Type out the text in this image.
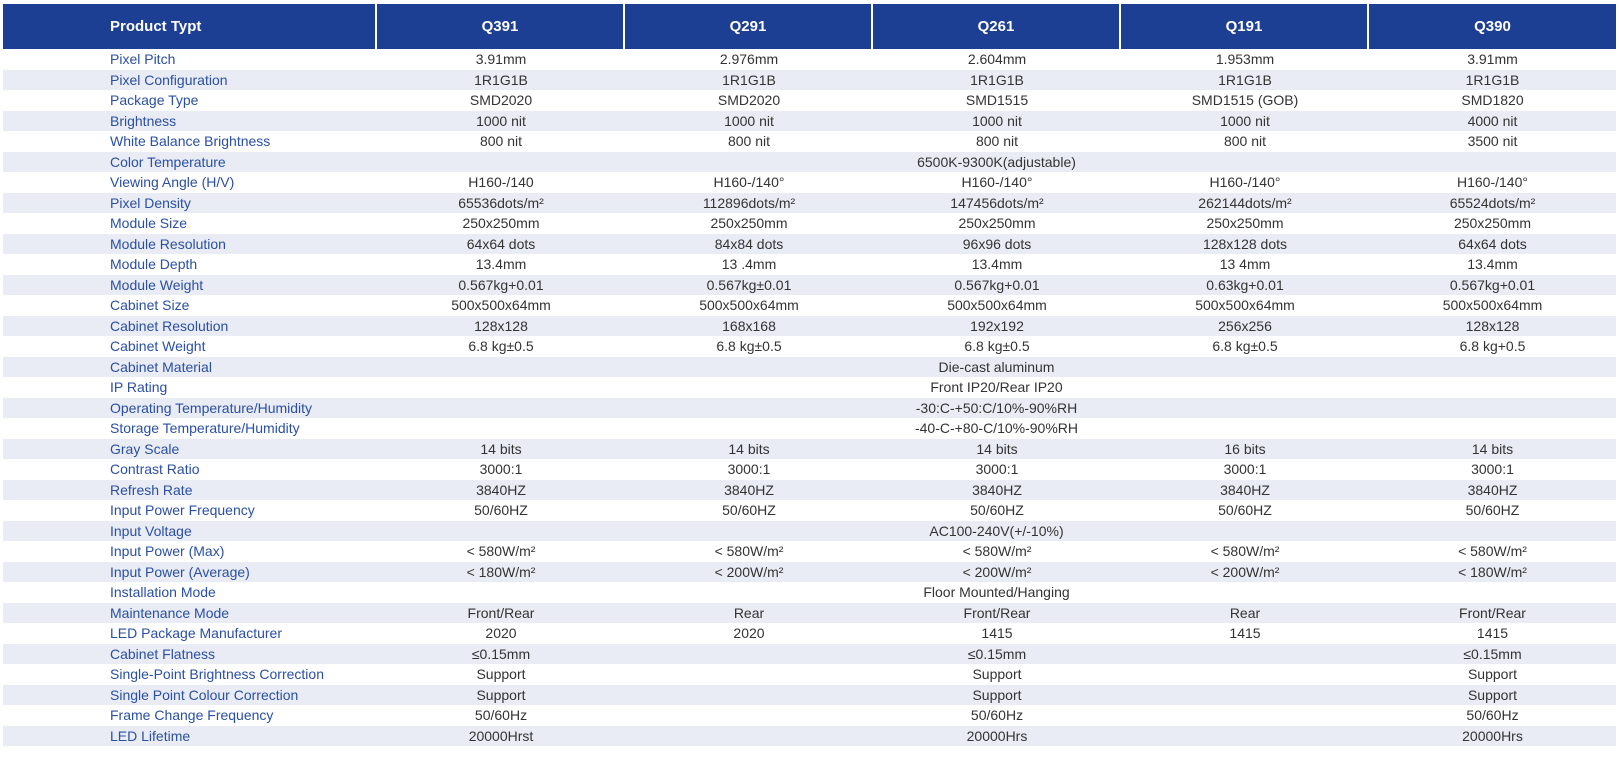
Product Typt	Q391	Q291	Q261	Q191	Q390
Pixel Pitch	3.91mm	2.976mm	2.604mm	1.953mm	3.91mm
Pixel Configuration	1R1G1B	1R1G1B	1R1G1B	1R1G1B	1R1G1B
Package Type	SMD2020	SMD2020	SMD1515	SMD1515 (GOB)	SMD1820
Brightness	1000 nit	1000 nit	1000 nit	1000 nit	4000 nit
White Balance Brightness	800 nit	800 nit	800 nit	800 nit	3500 nit
Color Temperature	6500K-9300K(adjustable)				
Viewing Angle (H/V)	H160-/140	H160-/140°	H160-/140°	H160-/140°	H160-/140°
Pixel Density	65536dots/m²	112896dots/m²	147456dots/m²	262144dots/m²	65524dots/m²
Module Size	250x250mm	250x250mm	250x250mm	250x250mm	250x250mm
Module Resolution	64x64 dots	84x84 dots	96x96 dots	128x128 dots	64x64 dots
Module Depth	13.4mm	13 .4mm	13.4mm	13 4mm	13.4mm
Module Weight	0.567kg+0.01	0.567kg±0.01	0.567kg+0.01	0.63kg+0.01	0.567kg+0.01
Cabinet Size	500x500x64mm	500x500x64mm	500x500x64mm	500x500x64mm	500x500x64mm
Cabinet Resolution	128x128	168x168	192x192	256x256	128x128
Cabinet Weight	6.8 kg±0.5	6.8 kg±0.5	6.8 kg±0.5	6.8 kg±0.5	6.8 kg+0.5
Cabinet Material	Die-cast aluminum				
IP Rating	Front IP20/Rear IP20				
Operating Temperature/Humidity	-30:C-+50:C/10%-90%RH				
Storage Temperature/Humidity	-40-C-+80-C/10%-90%RH				
Gray Scale	14 bits	14 bits	14 bits	16 bits	14 bits
Contrast Ratio	3000:1	3000:1	3000:1	3000:1	3000:1
Refresh Rate	3840HZ	3840HZ	3840HZ	3840HZ	3840HZ
Input Power Frequency	50/60HZ	50/60HZ	50/60HZ	50/60HZ	50/60HZ
Input Voltage	AC100-240V(+/-10%)				
Input Power (Max)	< 580W/m²	< 580W/m²	< 580W/m²	< 580W/m²	< 580W/m²
Input Power (Average)	< 180W/m²	< 200W/m²	< 200W/m²	< 200W/m²	< 180W/m²
Installation Mode	Floor Mounted/Hanging				
Maintenance Mode	Front/Rear	Rear	Front/Rear	Rear	Front/Rear
LED Package Manufacturer	2020	2020	1415	1415	1415
Cabinet Flatness	≤0.15mm		≤0.15mm		≤0.15mm
Single-Point Brightness Correction	Support		Support		Support
Single Point Colour Correction	Support		Support		Support
Frame Change Frequency	50/60Hz		50/60Hz		50/60Hz
LED Lifetime	20000Hrst		20000Hrs		20000Hrs
